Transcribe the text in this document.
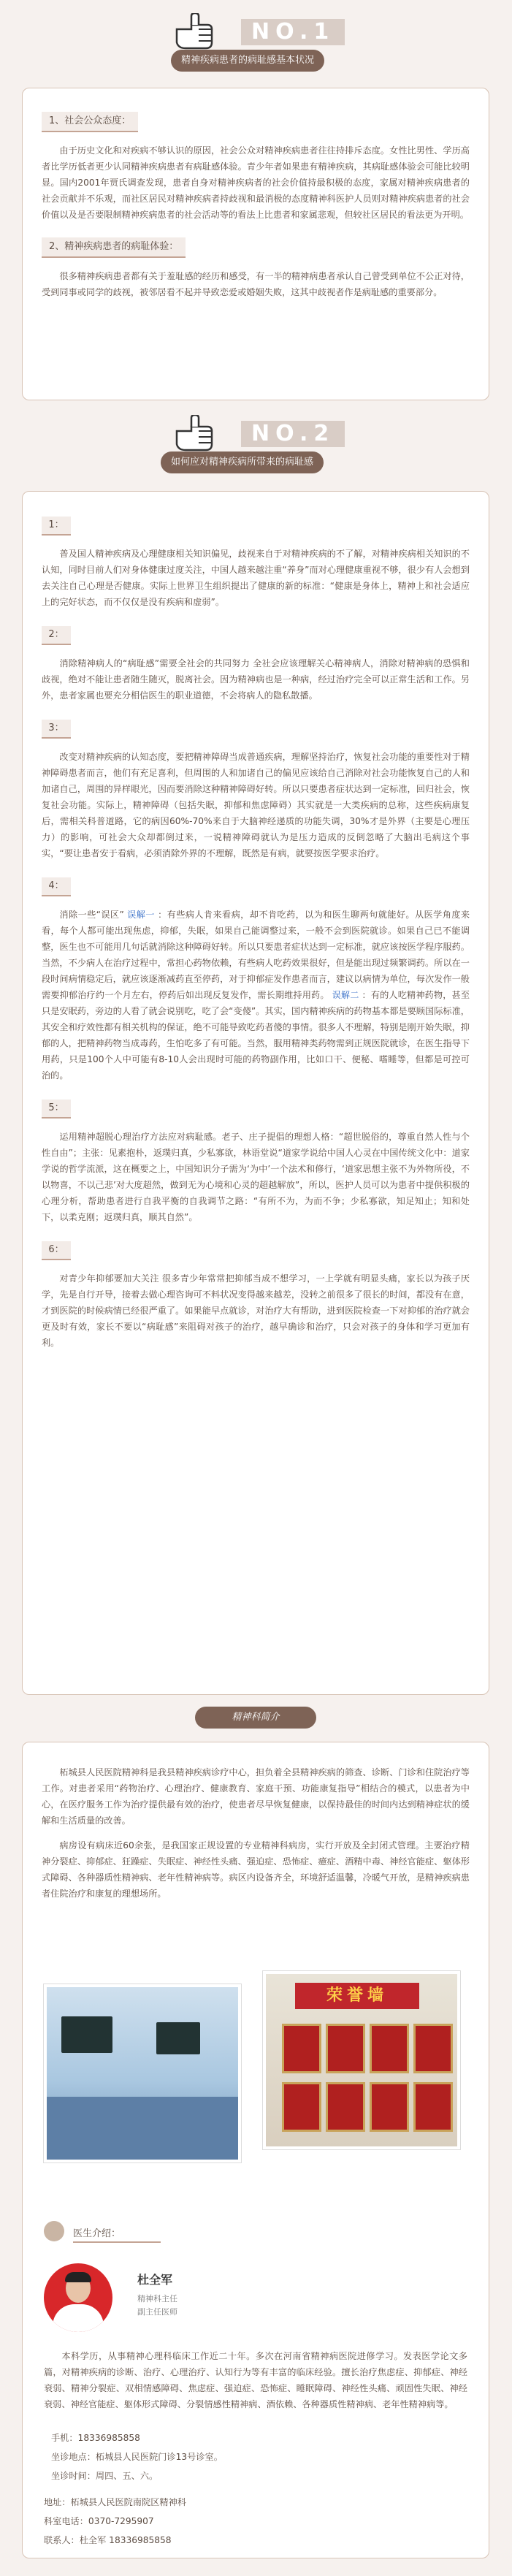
NO.1
精神疾病患者的病耻感基本状况
1、社会公众态度：

由于历史文化和对疾病不够认识的原因，社会公众对精神疾病患者往往持排斥态度。女性比男性、学历高者比学历低者更少认同精神疾病患者有病耻感体验。青少年者如果患有精神疾病，其病耻感体验会可能比较明显。国内2001年贾氏调查发现，患者自身对精神疾病者的社会价值持最积极的态度，家属对精神疾病患者的社会贡献并不乐观，而社区居民对精神疾病者持歧视和最消极的态度精神科医护人员则对精神疾病患者的社会价值以及是否要限制精神疾病患者的社会活动等的看法上比患者和家属悲观，但较社区居民的看法更为开明。

2、精神疾病患者的病耻体验：

很多精神疾病患者都有关于羞耻感的经历和感受，有一半的精神病患者承认自己曾受到单位不公正对待，受到同事或同学的歧视，被邻居看不起并导致恋爱或婚姻失败，这其中歧视者作是病耻感的重要部分。

NO.2
如何应对精神疾病所带来的病耻感
1：

普及国人精神疾病及心理健康相关知识偏见，歧视来自于对精神疾病的不了解，对精神疾病相关知识的不认知，同时目前人们对身体健康过度关注，中国人越来越注重“养身”而对心理健康重视不够，很少有人会想到去关注自己心理是否健康。实际上世界卫生组织提出了健康的新的标准：“健康是身体上，精神上和社会适应上的完好状态，而不仅仅是没有疾病和虚弱”。

2：

消除精神病人的“病耻感”需要全社会的共同努力 全社会应该理解关心精神病人，消除对精神病的恐惧和歧视，绝对不能让患者随生随灭，脱离社会。因为精神病也是一种病，经过治疗完全可以正常生活和工作。另外，患者家属也要充分相信医生的职业道德，不会将病人的隐私散播。

3：

改变对精神疾病的认知态度，要把精神障碍当成普通疾病，理解坚持治疗，恢复社会功能的重要性对于精神障碍患者而言，他们有充足喜利，但周围的人和加诸自己的偏见应该给自己消除对社会功能恢复自己的人和加诸自己，周围的异样眼光，因而要消除这种精神障碍好转。所以只要患者症状达到一定标准，回归社会，恢复社会功能。实际上，精神障碍（包括失眠，抑郁和焦虑障碍）其实就是一大类疾病的总称，这些疾病康复后，需相关科普道路，它的病因60%-70%来自于大脑神经递质的功能失调，30%才是外界（主要是心理压力）的影响，可社会大众却都倒过来，一说精神障碍就认为是压力造成的反倒忽略了大脑出毛病这个事实，“要让患者安于看病，必须消除外界的不理解，既然是有病，就要按医学要求治疗。

4：

消除一些“误区” 误解一 ：有些病人肯来看病，却不肯吃药，以为和医生聊两句就能好。从医学角度来看，每个人都可能出现焦虑，抑郁，失眠，如果自己能调整过来，一般不会到医院就诊。如果自己已不能调整，医生也不可能用几句话就消除这种障碍好转。所以只要患者症状达到一定标准，就应该按医学程序服药。 当然，不少病人在治疗过程中，常担心药物依赖，有些病人吃药效果很好，但是能出现过频繁调药。所以在一段时间病情稳定后，就应该逐渐减药直至停药，对于抑郁症发作患者而言，建议以病情为单位，每次发作一般需要抑郁治疗约一个月左右，停药后如出现反复发作，需长期维持用药。 误解二 ：有的人吃精神药物，甚至只是安眠药，旁边的人看了就会说别吃，吃了会“变傻”。其实，国内精神疾病的药物基本都是要顾国际标准，其安全和疗效性都有相关机构的保证，绝不可能导致吃药者傻的事情。很多人不理解，特别是刚开始失眠，抑郁的人，把精神药物当成毒药，生怕吃多了有可能。当然，服用精神类药物需到正规医院就诊，在医生指导下用药，只是100个人中可能有8-10人会出现时可能的药物副作用，比如口干、便秘、嗜睡等，但都是可控可治的。

5：

运用精神超脱心理治疗方法应对病耻感。老子、庄子提倡的理想人格：“超世脱俗的，尊重自然人性与个性自由”；主张：见素抱朴，返璞归真，少私寡欲，林语堂说“道家学说给中国人心灵在中国传统文化中：道家学说的哲学流派，这在概要之上，中国知识分子需为‘为中’一个法术和修行，‘道家思想主张不为外物所役，不以物喜，不以己悲’对大度超然，做到无为心境和心灵的超越解放”，所以，医护人员可以为患者中提供积极的心理分析，帮助患者进行自我平衡的自我调节之路：“有所不为，为而不争；少私寡欲，知足知止；知和处下，以柔克刚；返璞归真，顺其自然”。

6：

对青少年抑郁要加大关注 很多青少年常常把抑郁当成不想学习，一上学就有明显头痛，家长以为孩子厌学，先是自行开导，接着去做心理咨询可不料状况变得越来越差，没转之前很多了很长的时间，都没有在意，才到医院的时候病情已经很严重了。如果能早点就诊，对治疗大有帮助，进到医院检查一下对抑郁的治疗就会更及时有效，家长不要以“病耻感”来阻碍对孩子的治疗，越早确诊和治疗，只会对孩子的身体和学习更加有利。

精神科简介

柘城县人民医院精神科是我县精神疾病诊疗中心，担负着全县精神疾病的筛查、诊断、门诊和住院治疗等工作。对患者采用“药物治疗、心理治疗、健康教育、家庭干预、功能康复指导”相结合的模式，以患者为中心，在医疗服务工作为治疗提供最有效的治疗，使患者尽早恢复健康，以保持最佳的时间内达到精神症状的缓解和生活质量的改善。

病房设有病床近60余张，是我国家正规设置的专业精神科病房，实行开放及全封闭式管理。主要治疗精神分裂症、抑郁症、狂躁症、失眠症、神经性头痛、强迫症、恐怖症、癔症、酒精中毒、神经官能症、躯体形式障碍、各种器质性精神病、老年性精神病等。病区内设备齐全，环境舒适温馨，冷暖气开放，是精神疾病患者住院治疗和康复的理想场所。

荣誉墙
医生介绍：
杜全军
精神科主任
副主任医师

本科学历，从事精神心理科临床工作近二十年。多次在河南省精神病医院进修学习。发表医学论文多篇，对精神疾病的诊断、治疗、心理治疗、认知行为等有丰富的临床经验。擅长治疗焦虑症、抑郁症、神经衰弱、精神分裂症、双相情感障碍、焦虑症、强迫症、恐怖症、睡眠障碍、神经性头痛、顽固性失眠、神经衰弱、神经官能症、躯体形式障碍、分裂情感性精神病、酒依赖、各种器质性精神病、老年性精神病等。

手机：18336985858
坐诊地点：柘城县人民医院门诊13号诊室。
坐诊时间：周四、五、六。
地址：柘城县人民医院南院区精神科
科室电话：0370-7295907
联系人：杜全军 18336985858
